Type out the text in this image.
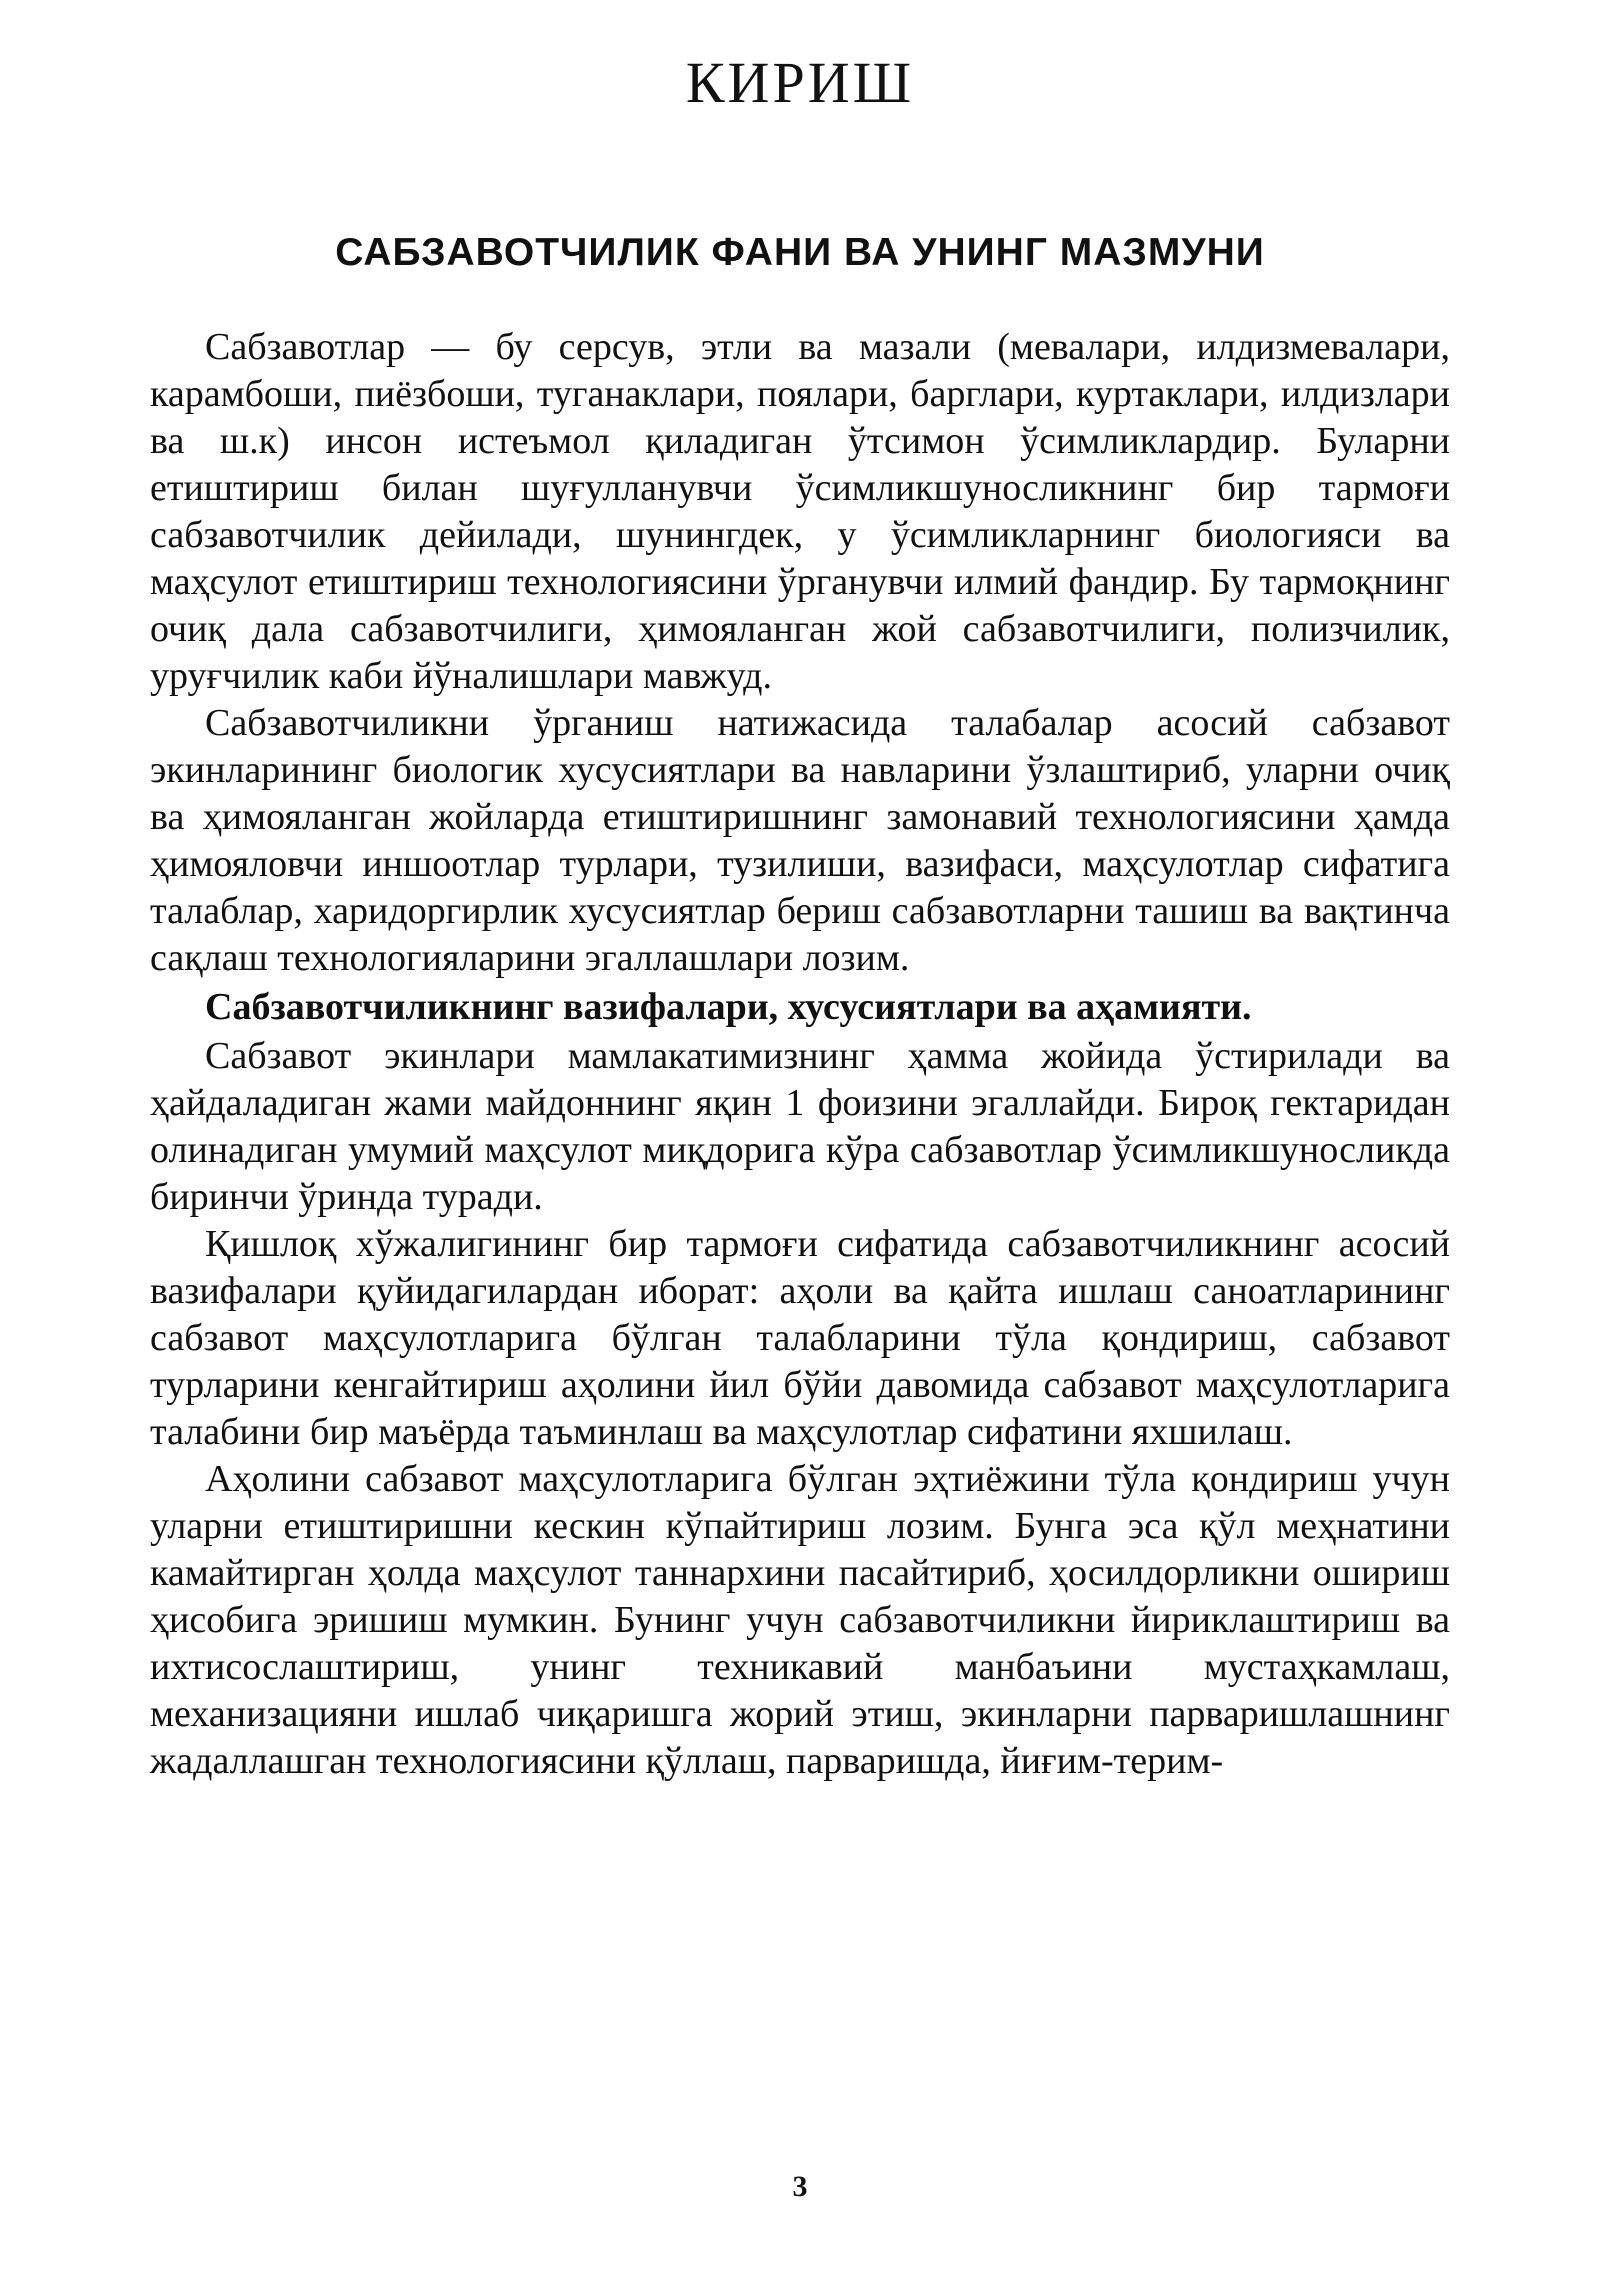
КИРИШ
САБЗАВОТЧИЛИК ФАНИ ВА УНИНГ МАЗМУНИ

Сабзавотлар — бу серсув, этли ва мазали (мевалари, илдизмевалари, карамбоши, пиёзбоши, туганаклари, поялари, барглари, куртаклари, илдизлари ва ш.к) инсон истеъмол қиладиган ўтсимон ўсимликлардир. Буларни етиштириш билан шуғулланувчи ўсимликшуносликнинг бир тармоғи сабзавотчилик дейилади, шунингдек, у ўсимликларнинг биологияси ва маҳсулот етиштириш технологиясини ўрганувчи илмий фандир. Бу тармоқнинг очиқ дала сабзавотчилиги, ҳимояланган жой сабзавотчилиги, полизчилик, уруғчилик каби йўналишлари мавжуд.

Сабзавотчиликни ўрганиш натижасида талабалар асосий сабзавот экинларининг биологик хусусиятлари ва навларини ўзлаштириб, уларни очиқ ва ҳимояланган жойларда етиштиришнинг замонавий технологиясини ҳамда ҳимояловчи иншоотлар турлари, тузилиши, вазифаси, маҳсулотлар сифатига талаблар, харидоргирлик хусусиятлар бериш сабзавотларни ташиш ва вақтинча сақлаш технологияларини эгаллашлари лозим.

Сабзавотчиликнинг вазифалари, хусусиятлари ва аҳамияти.

Сабзавот экинлари мамлакатимизнинг ҳамма жойида ўстирилади ва ҳайдаладиган жами майдоннинг яқин 1 фоизини эгаллайди. Бироқ гектаридан олинадиган умумий маҳсулот миқдорига кўра сабзавотлар ўсимликшуносликда биринчи ўринда туради.

Қишлоқ хўжалигининг бир тармоғи сифатида сабзавотчиликнинг асосий вазифалари қуйидагилардан иборат: аҳоли ва қайта ишлаш саноатларининг сабзавот маҳсулотларига бўлган талабларини тўла қондириш, сабзавот турларини кенгайтириш аҳолини йил бўйи давомида сабзавот маҳсулотларига талабини бир маъёрда таъминлаш ва маҳсулотлар сифатини яхшилаш.

Аҳолини сабзавот маҳсулотларига бўлган эҳтиёжини тўла қондириш учун уларни етиштиришни кескин кўпайтириш лозим. Бунга эса қўл меҳнатини камайтирган ҳолда маҳсулот таннархини пасайтириб, ҳосилдорликни ошириш ҳисобига эришиш мумкин. Бунинг учун сабзавотчиликни йириклаштириш ва ихтисослаштириш, унинг техникавий манбаъини мустаҳкамлаш, механизацияни ишлаб чиқаришга жорий этиш, экинларни парваришлашнинг жадаллашган технологиясини қўллаш, парваришда, йиғим-терим-

3
